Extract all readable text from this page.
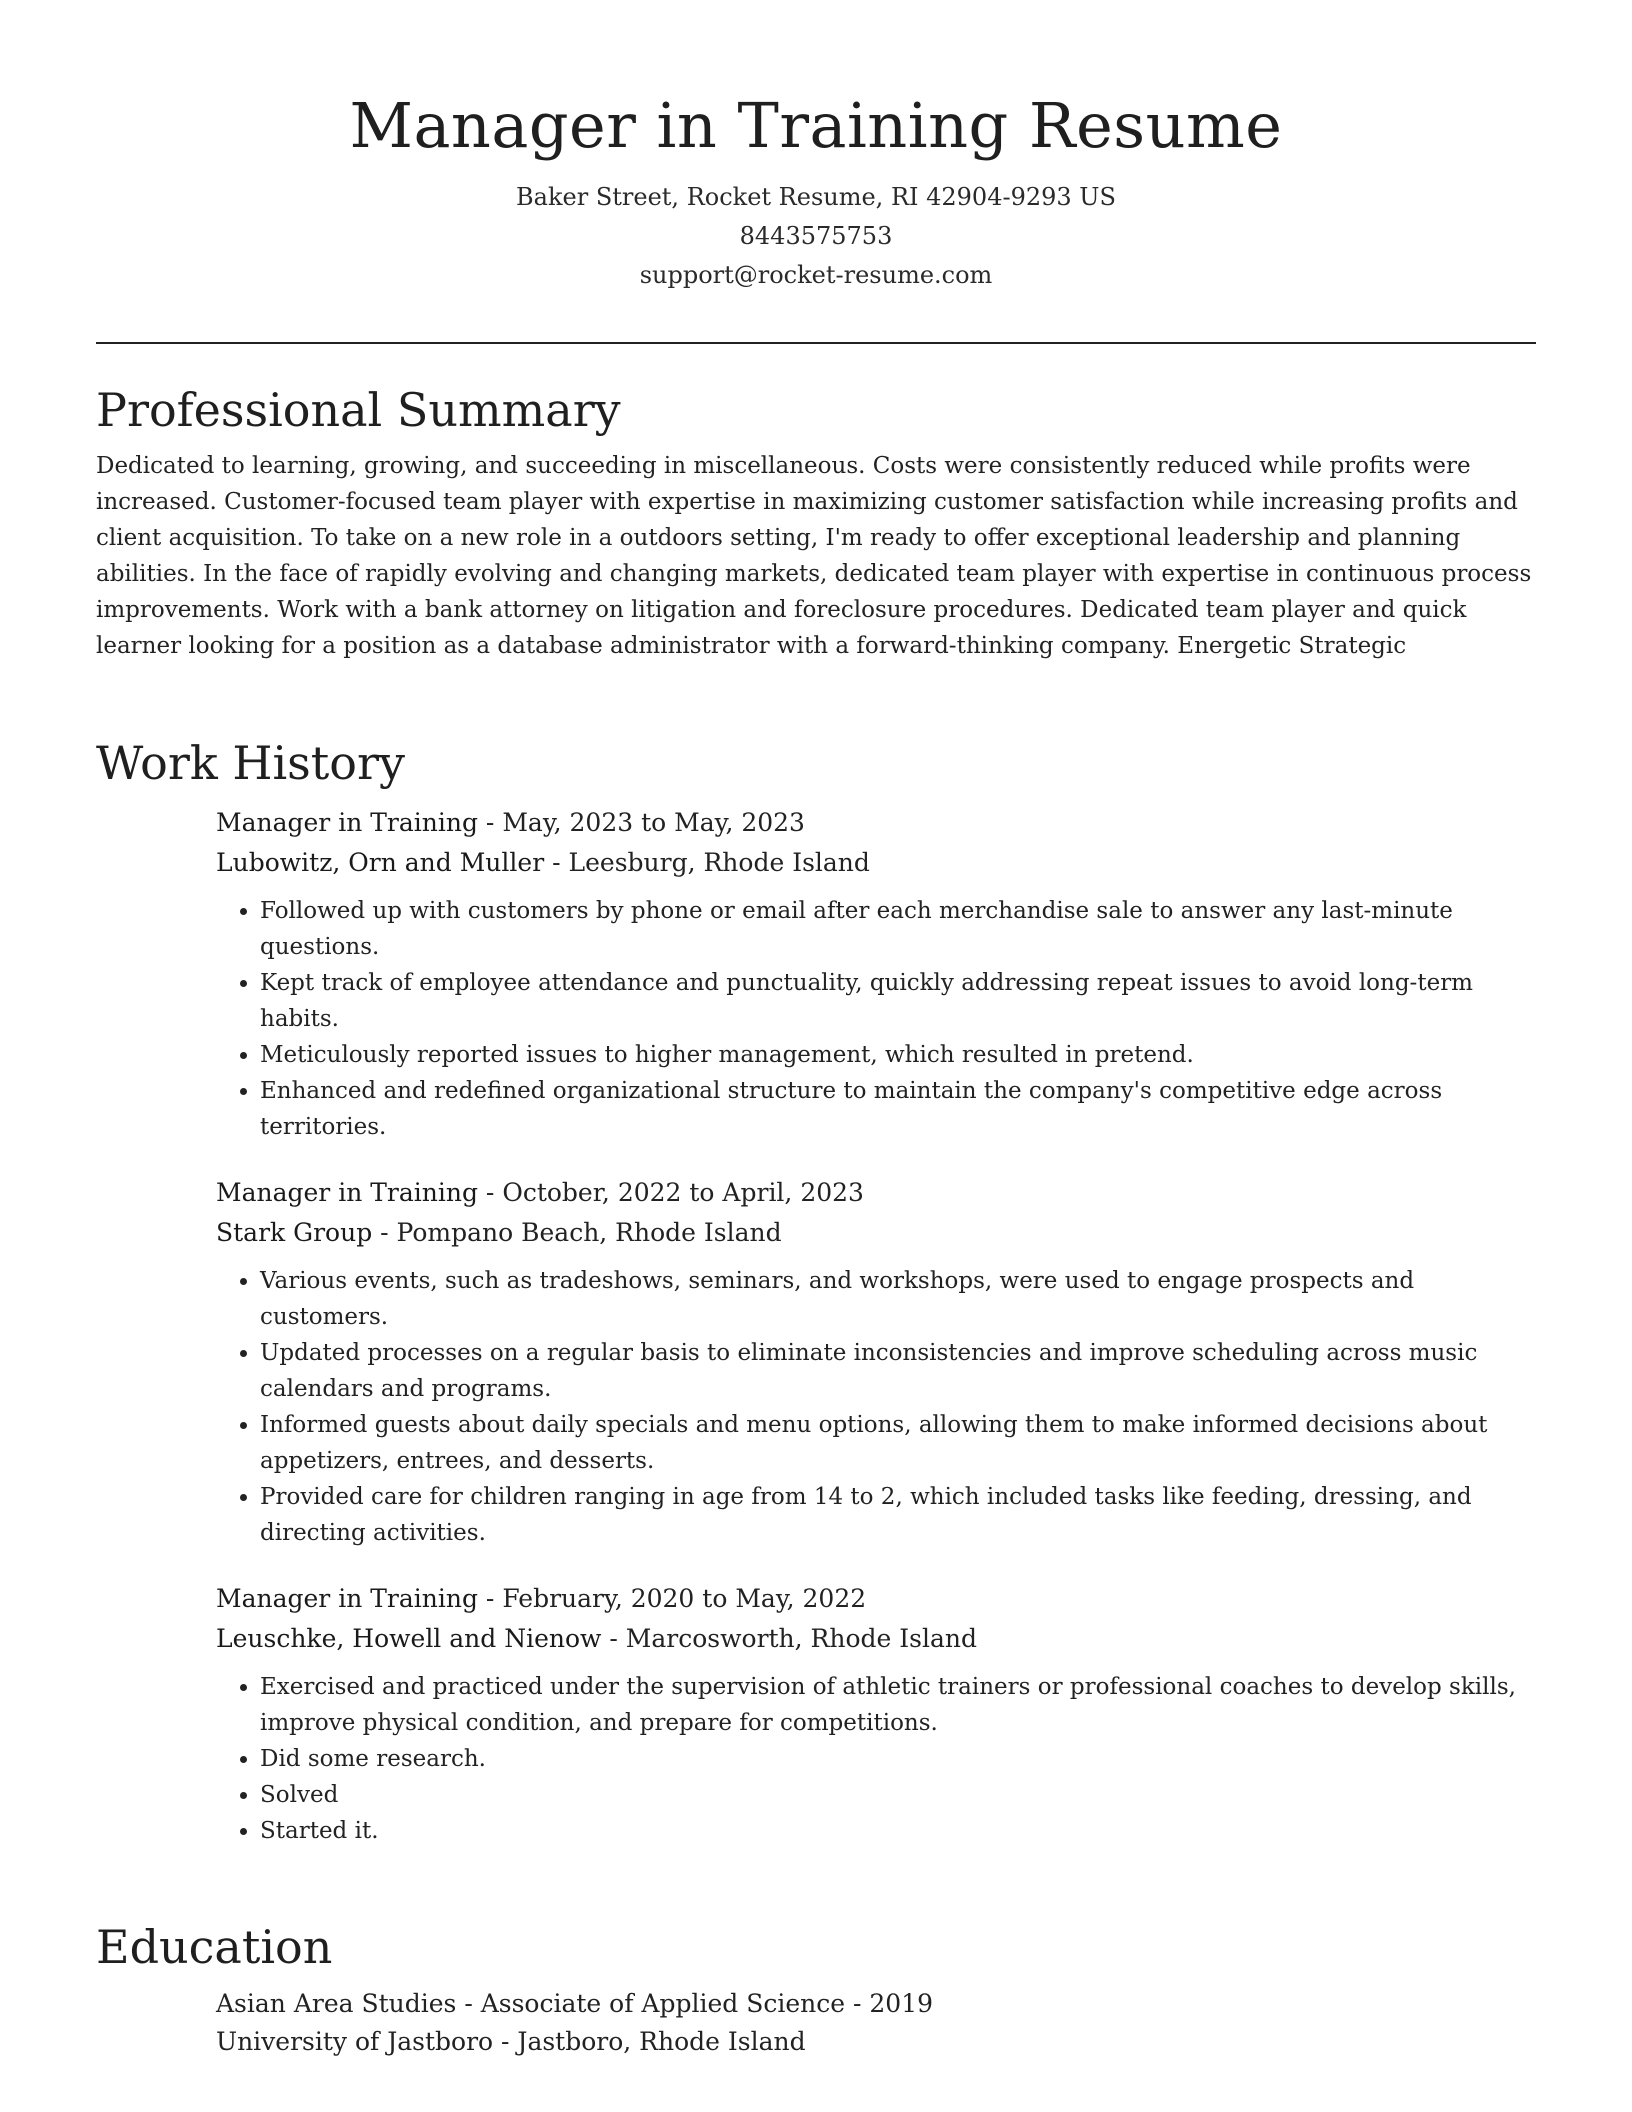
Manager in Training Resume
Baker Street, Rocket Resume, RI 42904-9293 US
8443575753
support@rocket-resume.com
Professional Summary

Dedicated to learning, growing, and succeeding in miscellaneous. Costs were consistently reduced while profits were increased. Customer-focused team player with expertise in maximizing customer satisfaction while increasing profits and client acquisition. To take on a new role in a outdoors setting, I'm ready to offer exceptional leadership and planning abilities. In the face of rapidly evolving and changing markets, dedicated team player with expertise in continuous process improvements. Work with a bank attorney on litigation and foreclosure procedures. Dedicated team player and quick learner looking for a position as a database administrator with a forward-thinking company. Energetic Strategic

Work History
Manager in Training - May, 2023 to May, 2023
Lubowitz, Orn and Muller - Leesburg, Rhode Island
• Followed up with customers by phone or email after each merchandise sale to answer any last-minute questions.
• Kept track of employee attendance and punctuality, quickly addressing repeat issues to avoid long-term habits.
• Meticulously reported issues to higher management, which resulted in pretend.
• Enhanced and redefined organizational structure to maintain the company's competitive edge across territories.
Manager in Training - October, 2022 to April, 2023
Stark Group - Pompano Beach, Rhode Island
• Various events, such as tradeshows, seminars, and workshops, were used to engage prospects and customers.
• Updated processes on a regular basis to eliminate inconsistencies and improve scheduling across music calendars and programs.
• Informed guests about daily specials and menu options, allowing them to make informed decisions about appetizers, entrees, and desserts.
• Provided care for children ranging in age from 14 to 2, which included tasks like feeding, dressing, and directing activities.
Manager in Training - February, 2020 to May, 2022
Leuschke, Howell and Nienow - Marcosworth, Rhode Island
• Exercised and practiced under the supervision of athletic trainers or professional coaches to develop skills, improve physical condition, and prepare for competitions.
• Did some research.
• Solved
• Started it.
Education
Asian Area Studies - Associate of Applied Science - 2019
University of Jastboro - Jastboro, Rhode Island
